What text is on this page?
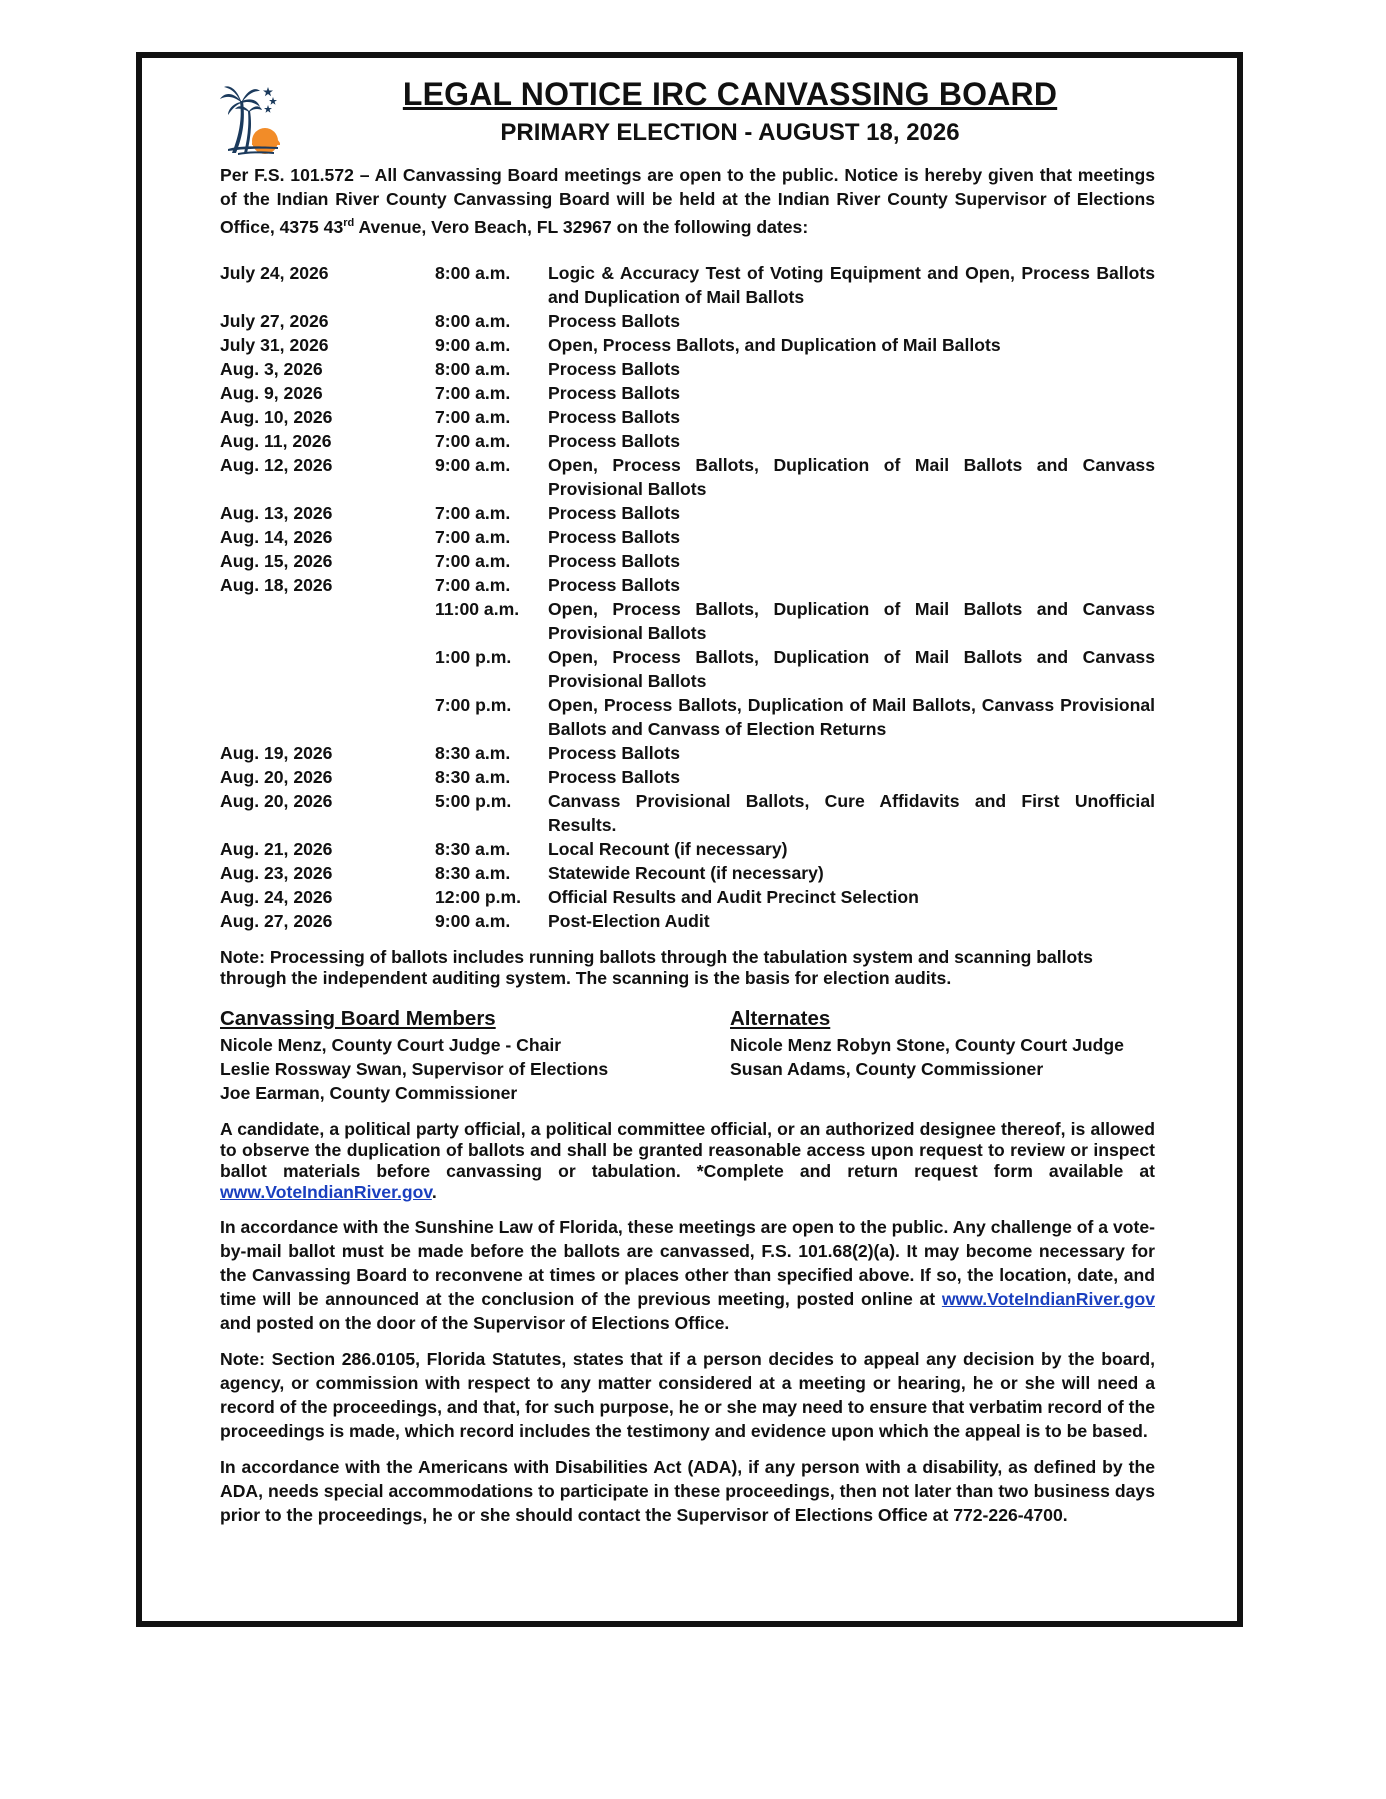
LEGAL NOTICE IRC CANVASSING BOARD
PRIMARY ELECTION - AUGUST 18, 2026

Per F.S. 101.572 – All Canvassing Board meetings are open to the public. Notice is hereby given that meetings of the Indian River County Canvassing Board will be held at the Indian River County Supervisor of Elections Office, 4375 43rd Avenue, Vero Beach, FL 32967 on the following dates:

July 24, 2026	8:00 a.m.	Logic & Accuracy Test of Voting Equipment and Open, Process Ballots and Duplication of Mail Ballots
July 27, 2026	8:00 a.m.	Process Ballots
July 31, 2026	9:00 a.m.	Open, Process Ballots, and Duplication of Mail Ballots
Aug. 3, 2026	8:00 a.m.	Process Ballots
Aug. 9, 2026	7:00 a.m.	Process Ballots
Aug. 10, 2026	7:00 a.m.	Process Ballots
Aug. 11, 2026	7:00 a.m.	Process Ballots
Aug. 12, 2026	9:00 a.m.	Open, Process Ballots, Duplication of Mail Ballots and Canvass Provisional Ballots
Aug. 13, 2026	7:00 a.m.	Process Ballots
Aug. 14, 2026	7:00 a.m.	Process Ballots
Aug. 15, 2026	7:00 a.m.	Process Ballots
Aug. 18, 2026	7:00 a.m.	Process Ballots
11:00 a.m.	Open, Process Ballots, Duplication of Mail Ballots and Canvass Provisional Ballots
1:00 p.m.	Open, Process Ballots, Duplication of Mail Ballots and Canvass Provisional Ballots
7:00 p.m.	Open, Process Ballots, Duplication of Mail Ballots, Canvass Provisional Ballots and Canvass of Election Returns
Aug. 19, 2026	8:30 a.m.	Process Ballots
Aug. 20, 2026	8:30 a.m.	Process Ballots
Aug. 20, 2026	5:00 p.m.	Canvass Provisional Ballots, Cure Affidavits and First Unofficial Results.
Aug. 21, 2026	8:30 a.m.	Local Recount (if necessary)
Aug. 23, 2026	8:30 a.m.	Statewide Recount (if necessary)
Aug. 24, 2026	12:00 p.m.	Official Results and Audit Precinct Selection
Aug. 27, 2026	9:00 a.m.	Post-Election Audit
Note: Processing of ballots includes running ballots through the tabulation system and scanning ballots through the independent auditing system. The scanning is the basis for election audits.
Canvassing Board Members
Nicole Menz, County Court Judge - Chair
Leslie Rossway Swan, Supervisor of Elections
Joe Earman, County Commissioner
Alternates
Nicole Menz Robyn Stone, County Court Judge
Susan Adams, County Commissioner

A candidate, a political party official, a political committee official, or an authorized designee thereof, is allowed to observe the duplication of ballots and shall be granted reasonable access upon request to review or inspect ballot materials before canvassing or tabulation. *Complete and return request form available at www.VoteIndianRiver.gov.

In accordance with the Sunshine Law of Florida, these meetings are open to the public. Any challenge of a vote-by-mail ballot must be made before the ballots are canvassed, F.S. 101.68(2)(a). It may become necessary for the Canvassing Board to reconvene at times or places other than specified above. If so, the location, date, and time will be announced at the conclusion of the previous meeting, posted online at www.VoteIndianRiver.gov and posted on the door of the Supervisor of Elections Office.

Note: Section 286.0105, Florida Statutes, states that if a person decides to appeal any decision by the board, agency, or commission with respect to any matter considered at a meeting or hearing, he or she will need a record of the proceedings, and that, for such purpose, he or she may need to ensure that verbatim record of the proceedings is made, which record includes the testimony and evidence upon which the appeal is to be based.

In accordance with the Americans with Disabilities Act (ADA), if any person with a disability, as defined by the ADA, needs special accommodations to participate in these proceedings, then not later than two business days prior to the proceedings, he or she should contact the Supervisor of Elections Office at 772-226-4700.
